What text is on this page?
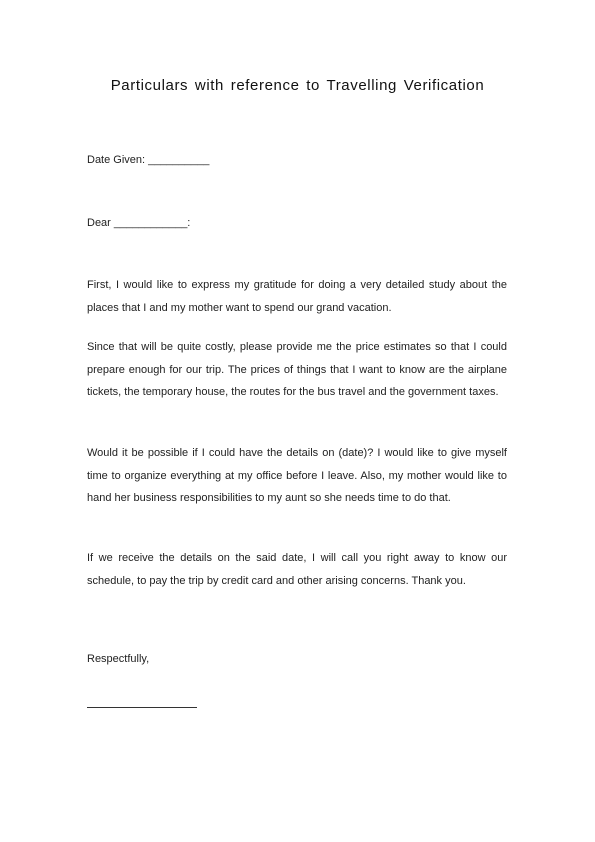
Particulars with reference to Travelling Verification
Date Given: __________
Dear ____________:

First, I would like to express my gratitude for doing a very detailed study about the places that I and my mother want to spend our grand vacation.

Since that will be quite costly, please provide me the price estimates so that I could prepare enough for our trip. The prices of things that I want to know are the airplane tickets, the temporary house, the routes for the bus travel and the government taxes.

Would it be possible if I could have the details on (date)? I would like to give myself time to organize everything at my office before I leave. Also, my mother would like to hand her business responsibilities to my aunt so she needs time to do that.

If we receive the details on the said date, I will call you right away to know our schedule, to pay the trip by credit card and other arising concerns. Thank you.

Respectfully,
